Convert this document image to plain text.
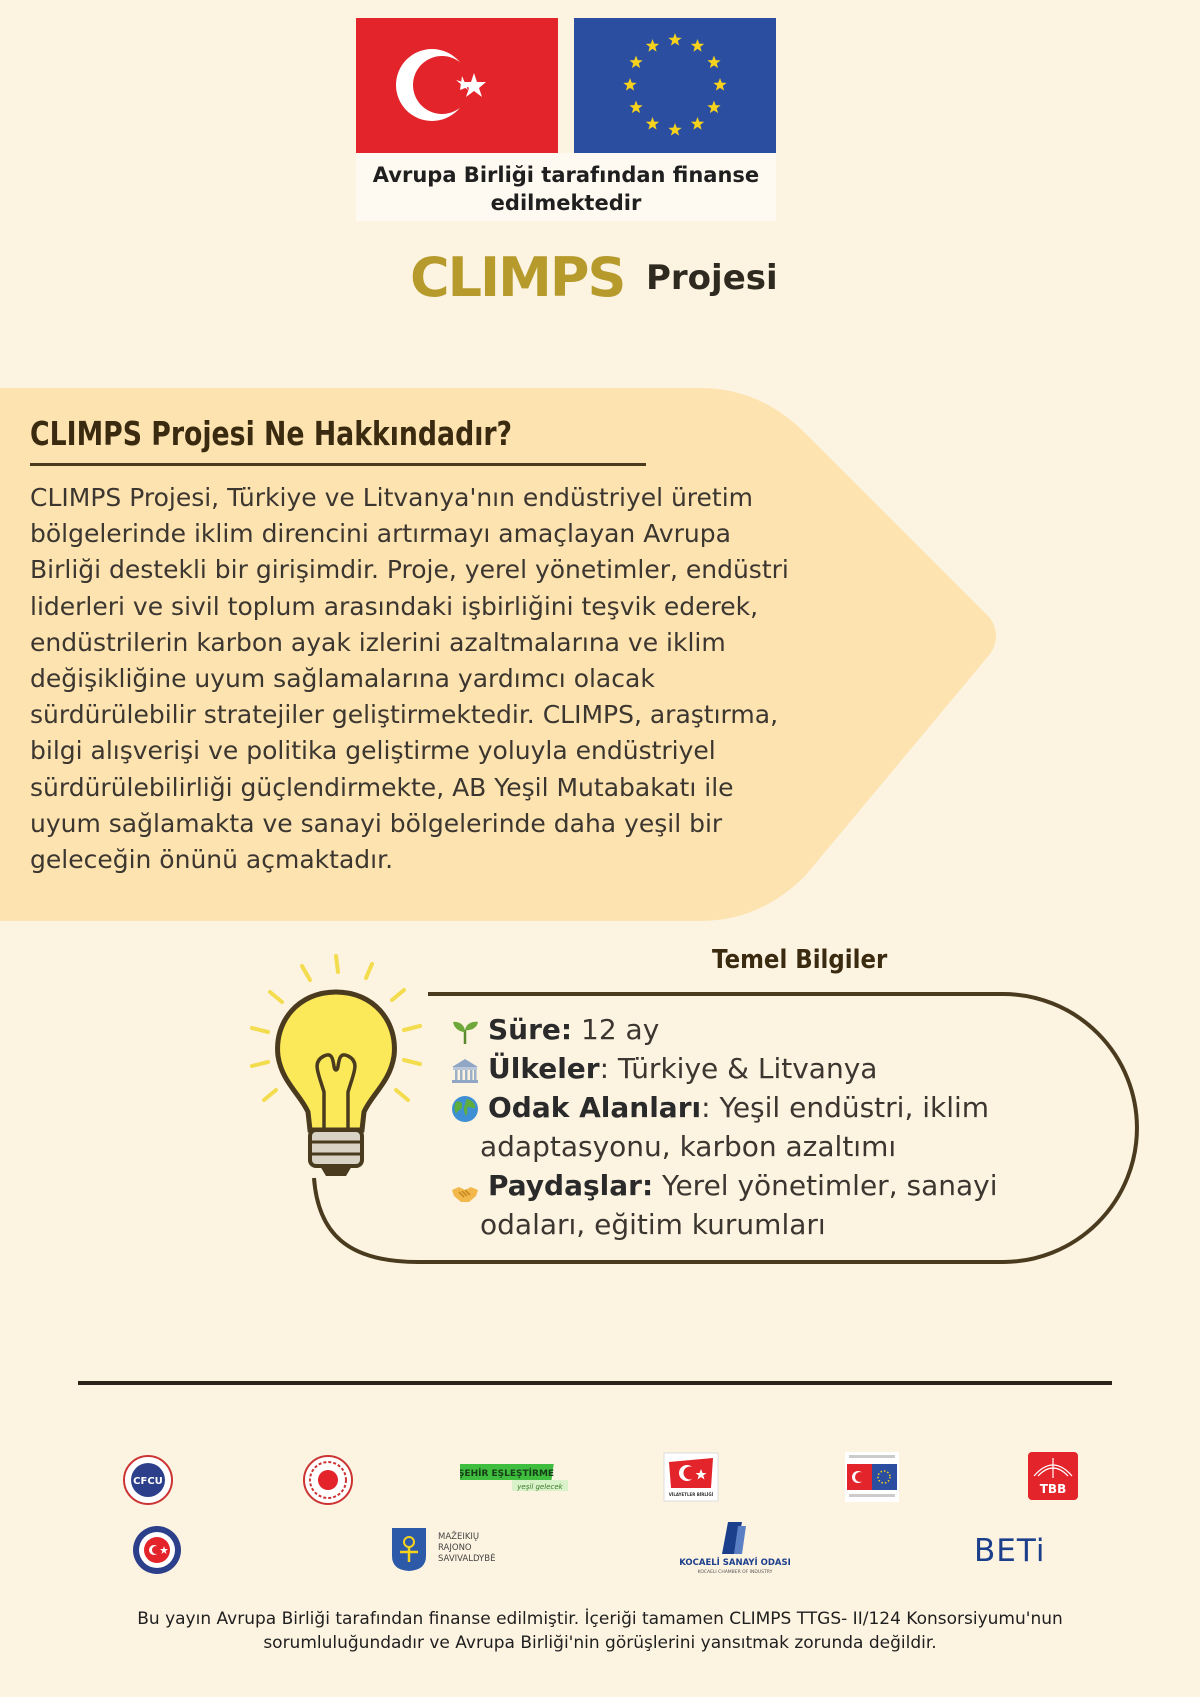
Avrupa Birliği tarafından finanse
edilmektedir
CLIMPS Projesi
CLIMPS Projesi Ne Hakkındadır?
CLIMPS Projesi, Türkiye ve Litvanya'nın endüstriyel üretim bölgelerinde iklim direncini artırmayı amaçlayan Avrupa Birliği destekli bir girişimdir. Proje, yerel yönetimler, endüstri liderleri ve sivil toplum arasındaki işbirliğini teşvik ederek, endüstrilerin karbon ayak izlerini azaltmalarına ve iklim değişikliğine uyum sağlamalarına yardımcı olacak sürdürülebilir stratejiler geliştirmektedir. CLIMPS, araştırma, bilgi alışverişi ve politika geliştirme yoluyla endüstriyel sürdürülebilirliği güçlendirmekte, AB Yeşil Mutabakatı ile uyum sağlamakta ve sanayi bölgelerinde daha yeşil bir geleceğin önünü açmaktadır.
Temel Bilgiler
Süre: 12 ay
Ülkeler: Türkiye & Litvanya
Odak Alanları: Yeşil endüstri, iklim
adaptasyonu, karbon azaltımı
Paydaşlar: Yerel yönetimler, sanayi
odaları, eğitim kurumları
CFCU
ŞEHİR EŞLEŞTİRME
yeşil gelecek
VİLAYETLER BİRLİĞİ	TBB
MAŽEIKIŲ
RAJONO
SAVIVALDYBĖ	KOCAELİ SANAYİ ODASI
KOCAELI CHAMBER OF INDUSTRY
BETi
Bu yayın Avrupa Birliği tarafından finanse edilmiştir. İçeriği tamamen CLIMPS TTGS- II/124 Konsorsiyumu'nun
sorumluluğundadır ve Avrupa Birliği'nin görüşlerini yansıtmak zorunda değildir.
